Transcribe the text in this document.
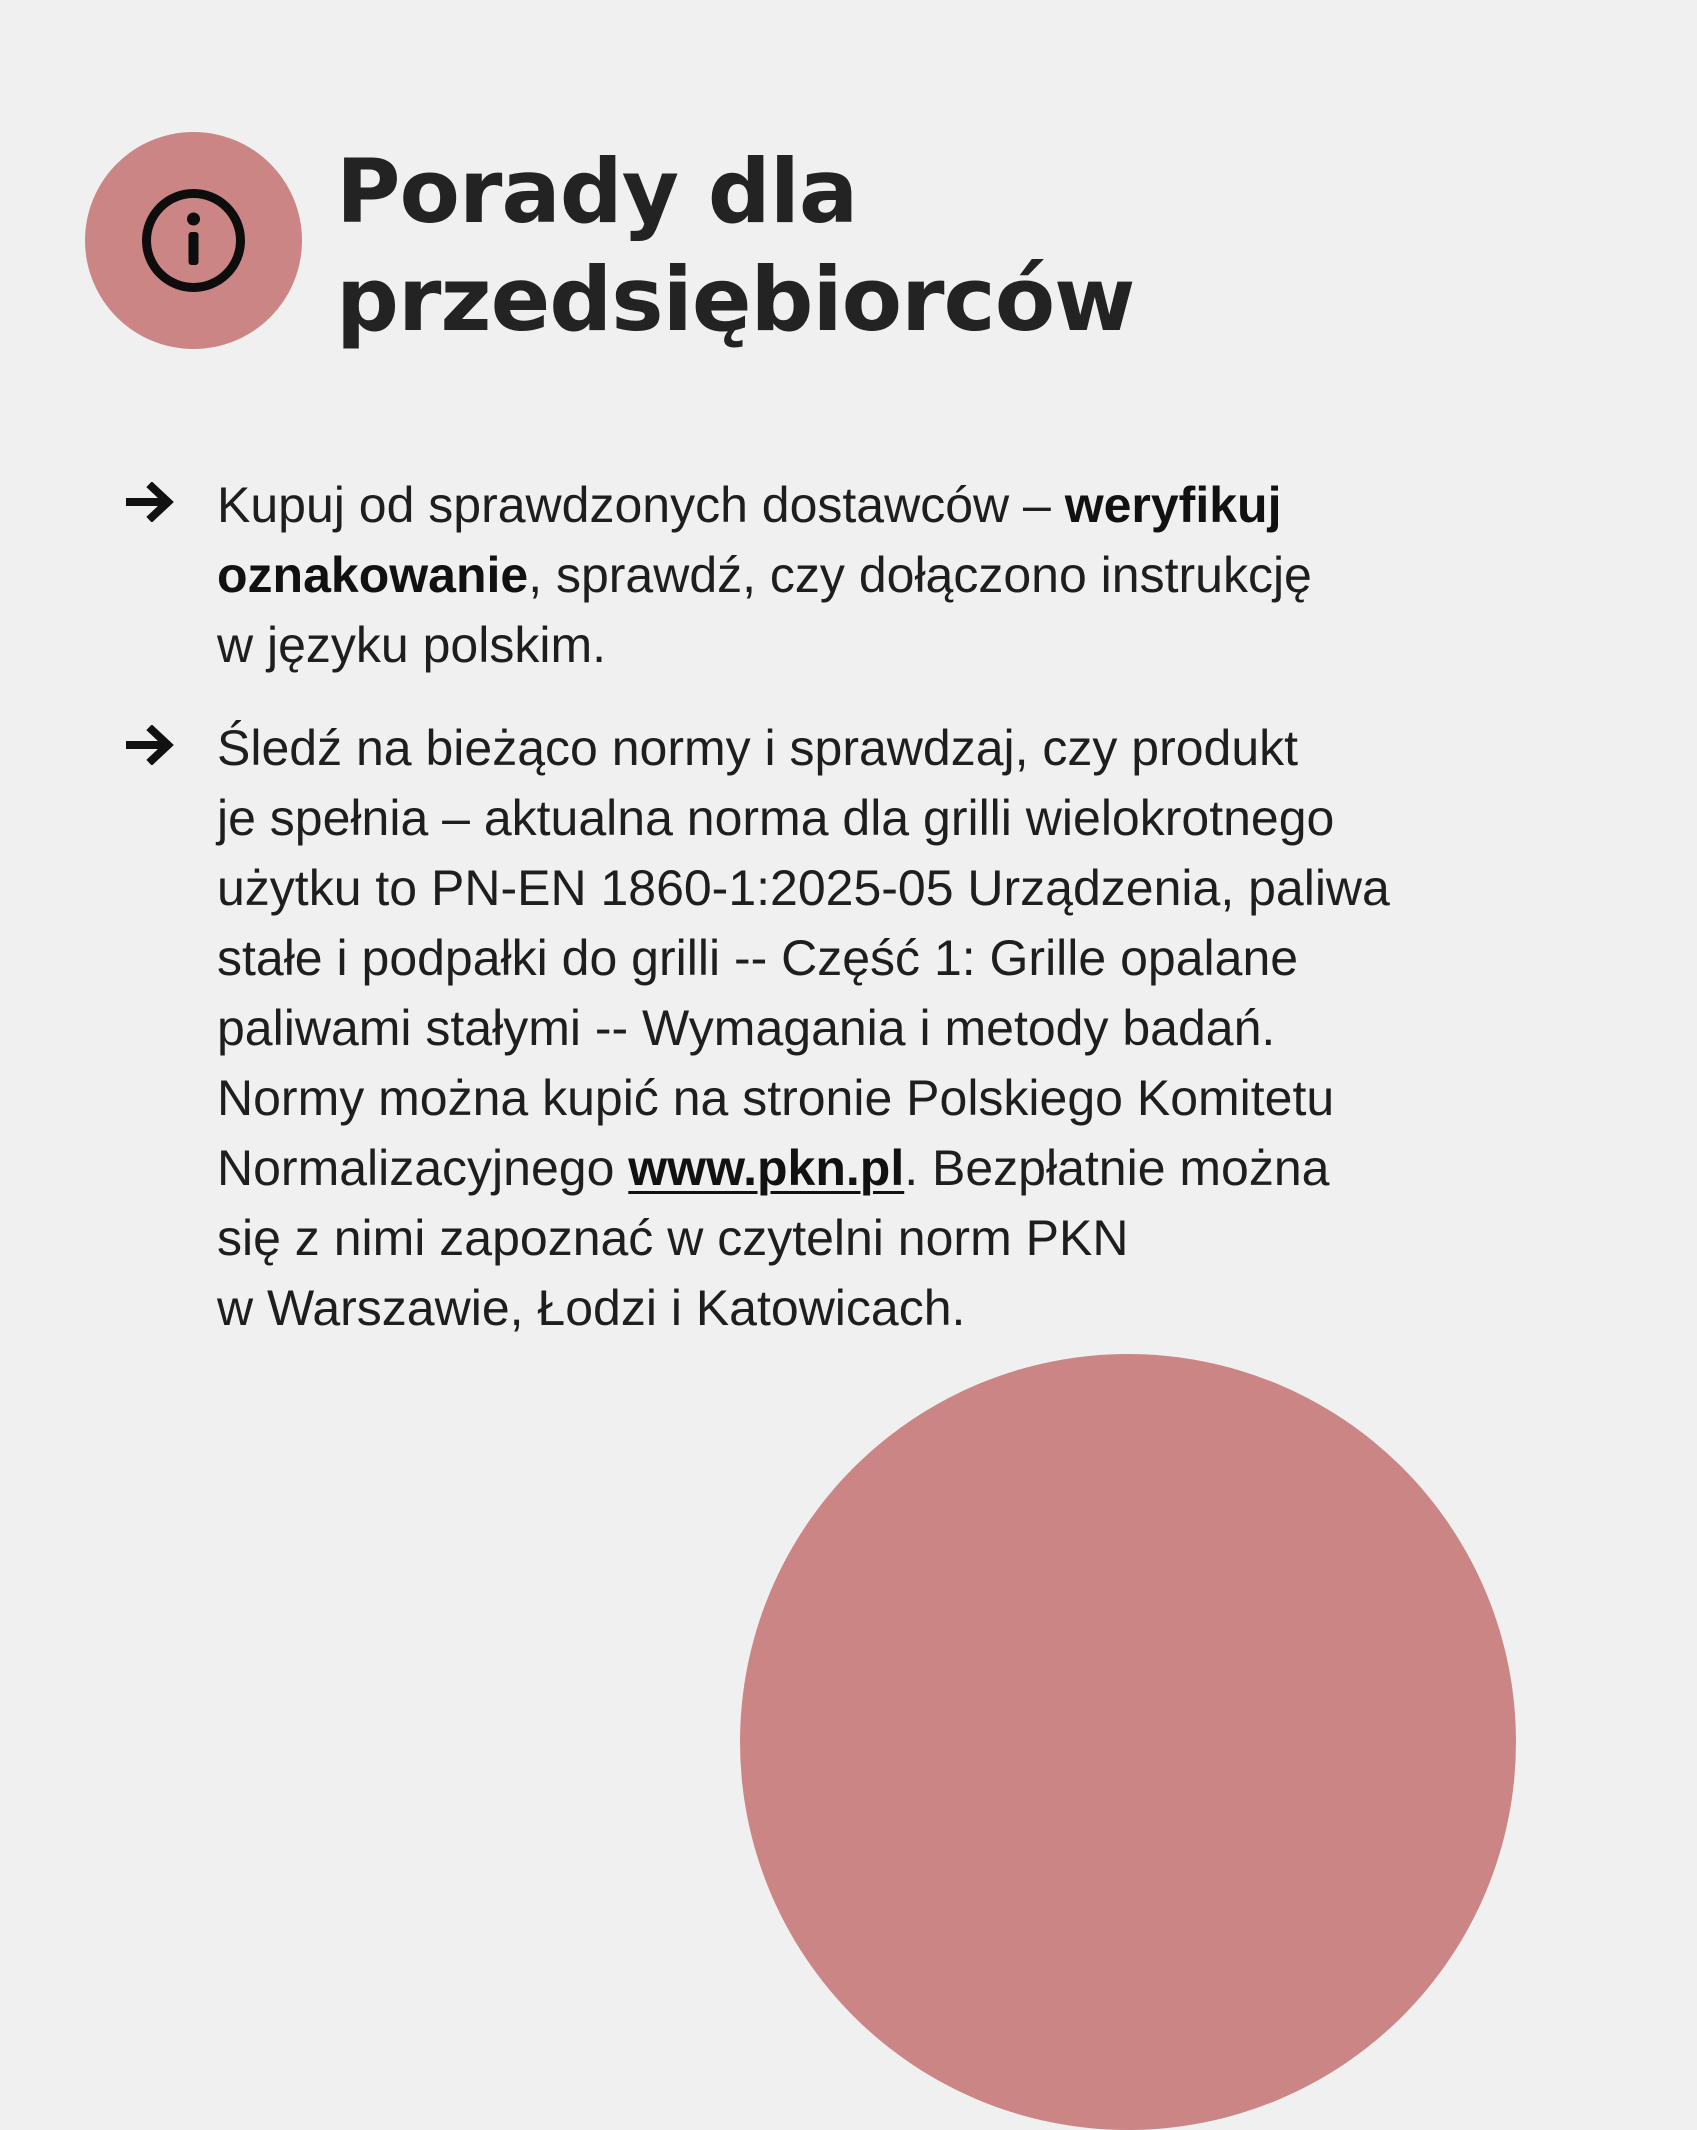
Porady dla
przedsiębiorców

Kupuj od sprawdzonych dostawców – weryfikuj
oznakowanie, sprawdź, czy dołączono instrukcję
w języku polskim.

Śledź na bieżąco normy i sprawdzaj, czy produkt
je spełnia – aktualna norma dla grilli wielokrotnego
użytku to PN-EN 1860-1:2025-05 Urządzenia, paliwa
stałe i podpałki do grilli -- Część 1: Grille opalane
paliwami stałymi -- Wymagania i metody badań.
Normy można kupić na stronie Polskiego Komitetu
Normalizacyjnego www.pkn.pl. Bezpłatnie można
się z nimi zapoznać w czytelni norm PKN
w Warszawie, Łodzi i Katowicach.
